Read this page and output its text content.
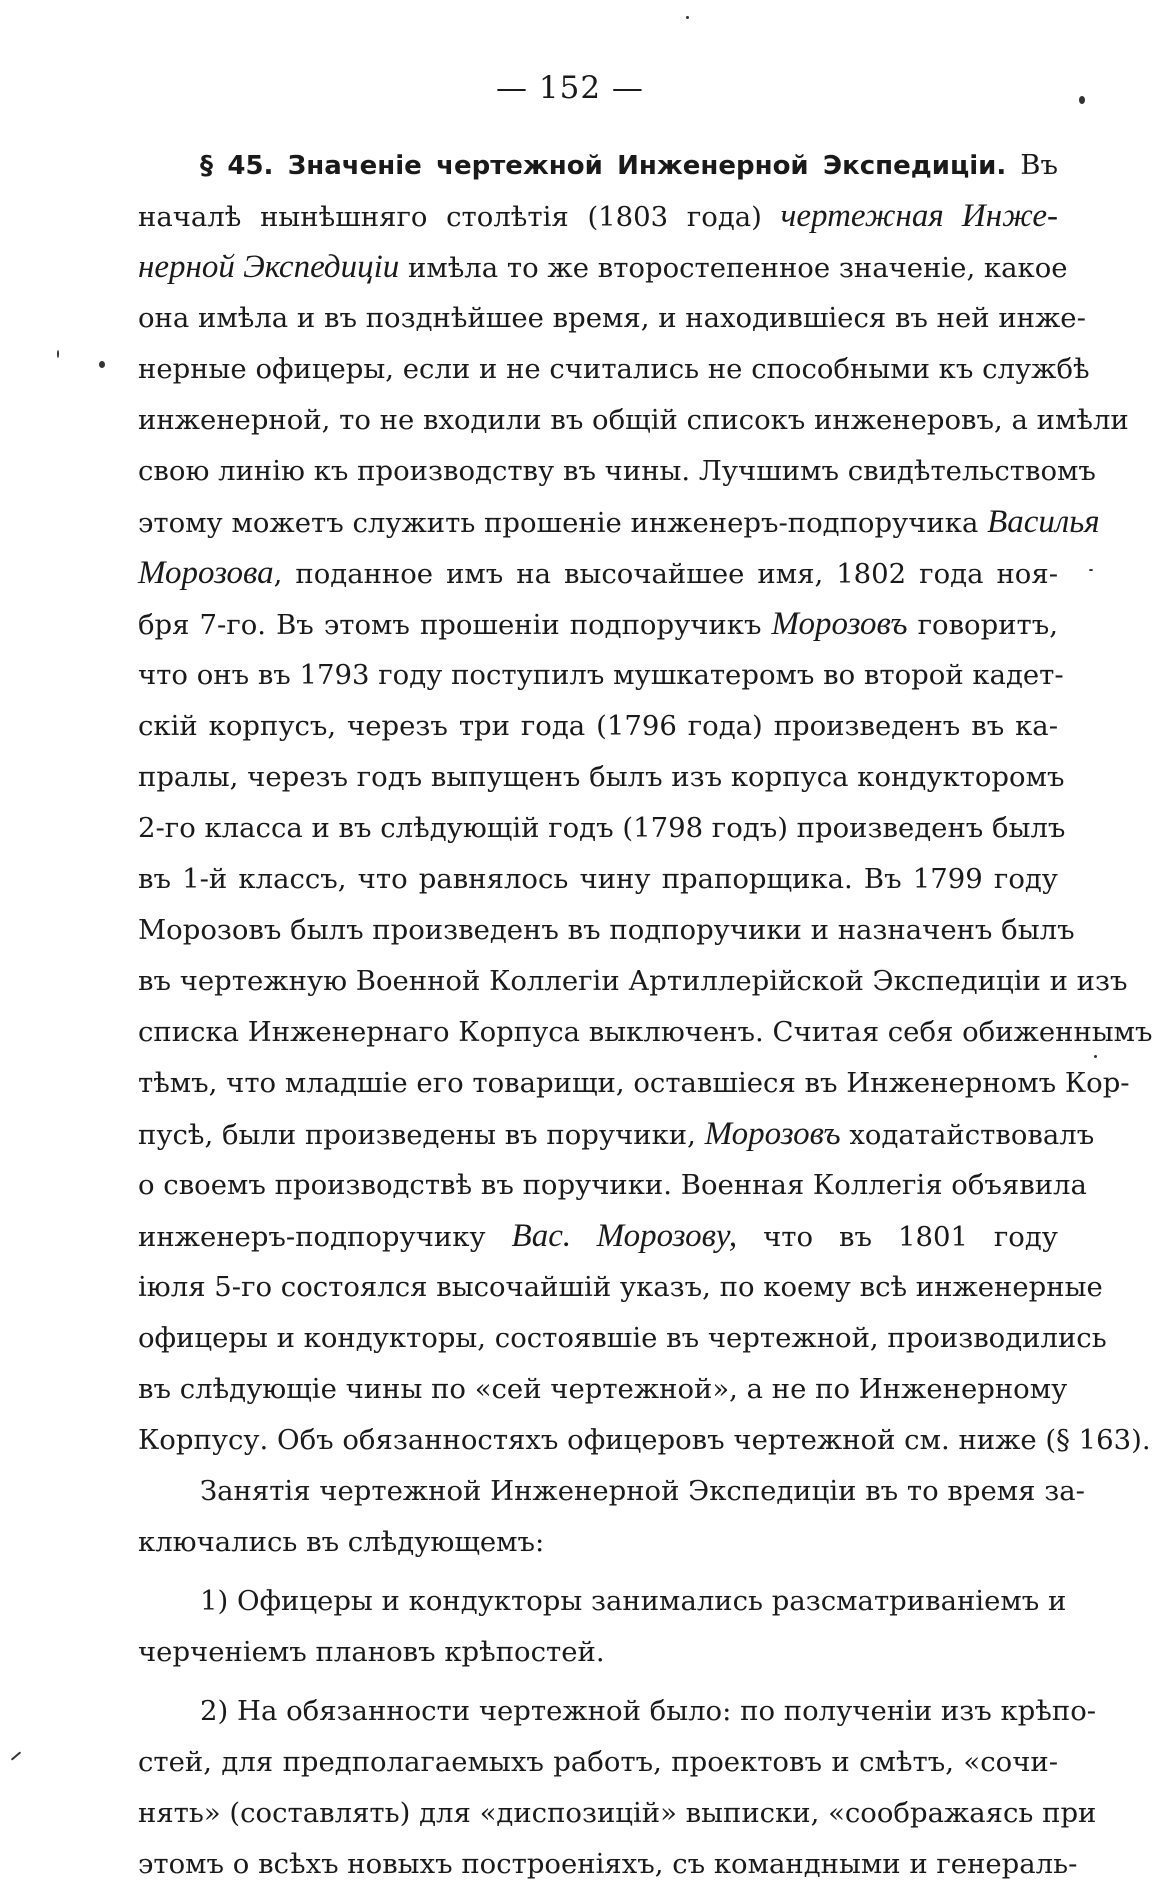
— 152 —
§ 45. Значеніе чертежной Инженерной Экспедиціи. Въ
началѣ нынѣшняго столѣтія (1803 года) чертежная Инже-
нерной Экспедиціи имѣла то же второстепенное значеніе, какое
она имѣла и въ позднѣйшее время, и находившіеся въ ней инже-
нерные офицеры, если и не считались не способными къ службѣ
инженерной, то не входили въ общій списокъ инженеровъ, а имѣли
свою линію къ производству въ чины. Лучшимъ свидѣтельствомъ
этому можетъ служить прошеніе инженеръ-подпоручика Василья
Морозова, поданное имъ на высочайшее имя, 1802 года ноя-
бря 7-го. Въ этомъ прошеніи подпоручикъ Морозовъ говоритъ,
что онъ въ 1793 году поступилъ мушкатеромъ во второй кадет-
скій корпусъ, черезъ три года (1796 года) произведенъ въ ка-
пралы, черезъ годъ выпущенъ былъ изъ корпуса кондукторомъ
2-го класса и въ слѣдующій годъ (1798 годъ) произведенъ былъ
въ 1-й классъ, что равнялось чину прапорщика. Въ 1799 году
Морозовъ былъ произведенъ въ подпоручики и назначенъ былъ
въ чертежную Военной Коллегіи Артиллерійской Экспедиціи и изъ
списка Инженернаго Корпуса выключенъ. Считая себя обиженнымъ
тѣмъ, что младшіе его товарищи, оставшіеся въ Инженерномъ Кор-
пусѣ, были произведены въ поручики, Морозовъ ходатайствовалъ
о своемъ производствѣ въ поручики. Военная Коллегія объявила
инженеръ-подпоручику Вас. Морозову, что въ 1801 году
іюля 5-го состоялся высочайшій указъ, по коему всѣ инженерные
офицеры и кондукторы, состоявшіе въ чертежной, производились
въ слѣдующіе чины по «сей чертежной», а не по Инженерному
Корпусу. Объ обязанностяхъ офицеровъ чертежной см. ниже (§ 163).
Занятія чертежной Инженерной Экспедиціи въ то время за-
ключались въ слѣдующемъ:
1) Офицеры и кондукторы занимались разсматриваніемъ и
черченіемъ плановъ крѣпостей.
2) На обязанности чертежной было: по полученіи изъ крѣпо-
стей, для предполагаемыхъ работъ, проектовъ и смѣтъ, «сочи-
нять» (составлять) для «диспозицій» выписки, «соображаясь при
этомъ о всѣхъ новыхъ построеніяхъ, съ командными и генераль-
